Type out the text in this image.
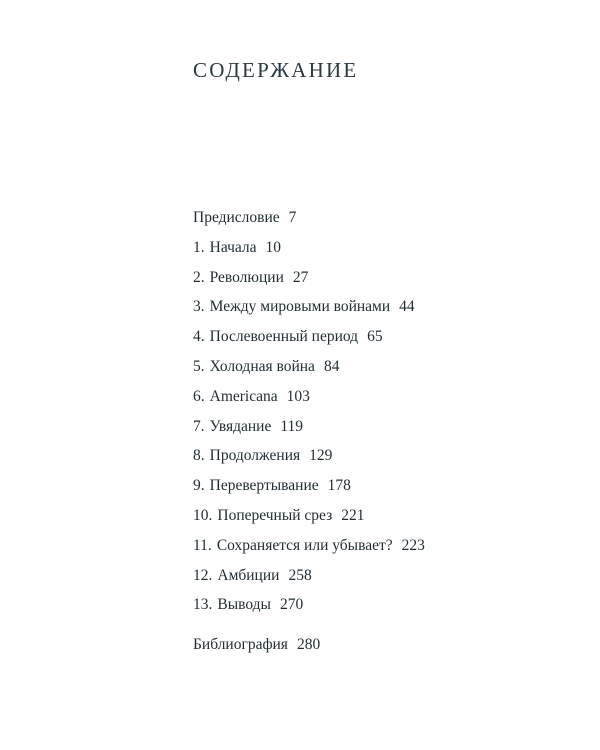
СОДЕРЖАНИЕ
Предисловие 7
1. Начала 10
2. Революции 27
3. Между мировыми войнами 44
4. Послевоенный период 65
5. Холодная война 84
6. Americana 103
7. Увядание 119
8. Продолжения 129
9. Перевертывание 178
10. Поперечный срез 221
11. Сохраняется или убывает? 223
12. Амбиции 258
13. Выводы 270
Библиография 280
